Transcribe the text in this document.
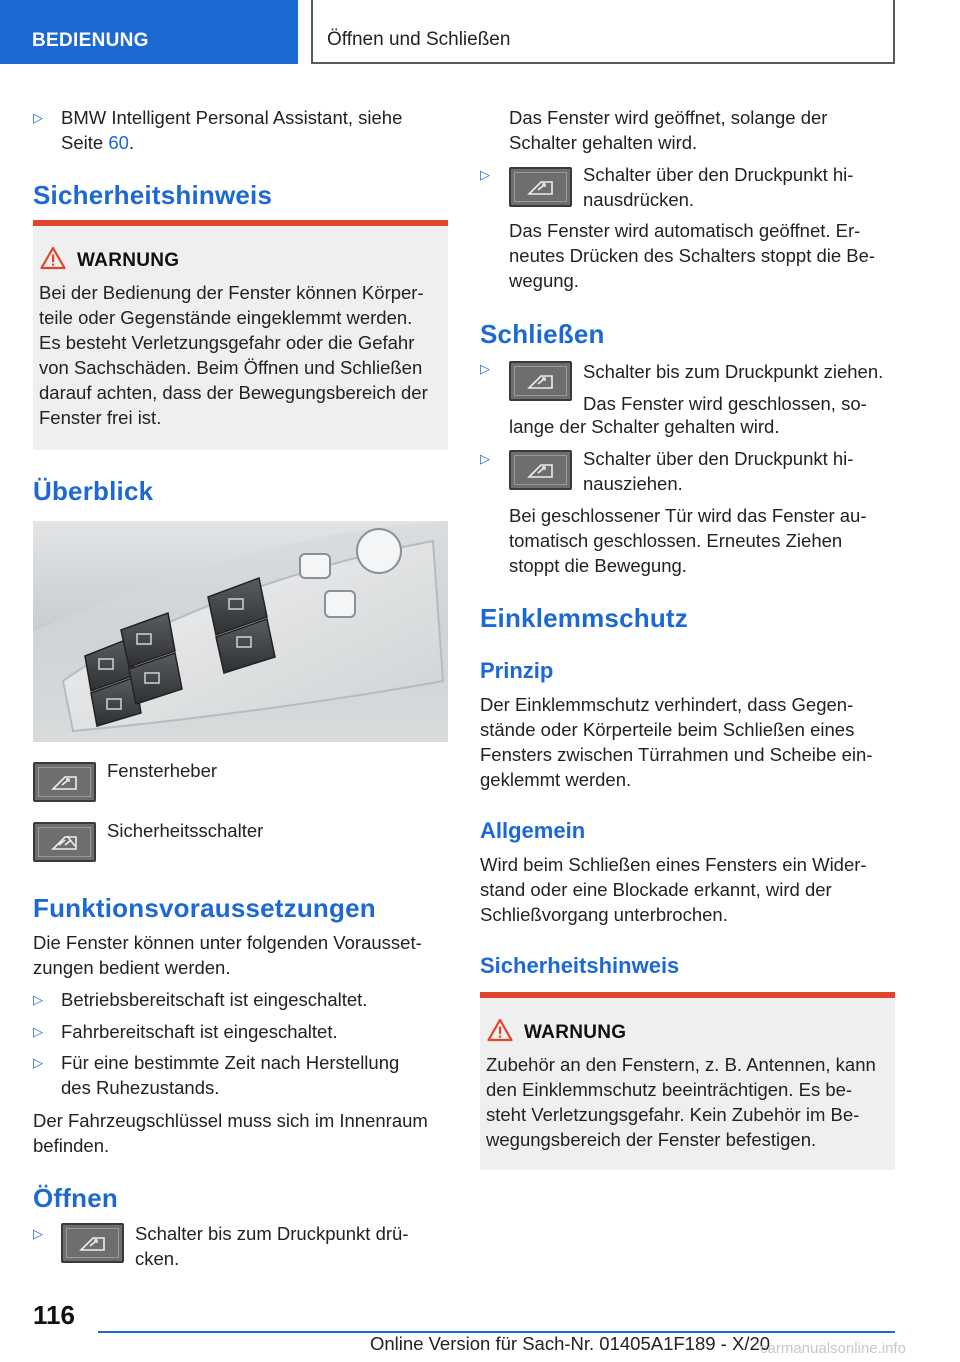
BEDIENUNG	Öffnen und Schließen
▷ BMW Intelligent Personal Assistant, siehe
Seite 60.
Sicherheitshinweis
WARNUNG
Bei der Bedienung der Fenster können Körper-
teile oder Gegenstände eingeklemmt werden.
Es besteht Verletzungsgefahr oder die Gefahr
von Sachschäden. Beim Öffnen und Schließen
darauf achten, dass der Bewegungsbereich der
Fenster frei ist.
Überblick
Fensterheber
Sicherheitsschalter
Funktionsvoraussetzungen
Die Fenster können unter folgenden Vorausset-
zungen bedient werden.
▷ Betriebsbereitschaft ist eingeschaltet.
▷ Fahrbereitschaft ist eingeschaltet.
▷ Für eine bestimmte Zeit nach Herstellung
des Ruhezustands.
Der Fahrzeugschlüssel muss sich im Innenraum
befinden.
Öffnen
▷	Schalter bis zum Druckpunkt drü-
cken.
Das Fenster wird geöffnet, solange der
Schalter gehalten wird.
▷	Schalter über den Druckpunkt hi-
nausdrücken.
Das Fenster wird automatisch geöffnet. Er-
neutes Drücken des Schalters stoppt die Be-
wegung.
Schließen
▷	Schalter bis zum Druckpunkt ziehen.
Das Fenster wird geschlossen, so-
lange der Schalter gehalten wird.
▷	Schalter über den Druckpunkt hi-
nausziehen.
Bei geschlossener Tür wird das Fenster au-
tomatisch geschlossen. Erneutes Ziehen
stoppt die Bewegung.
Einklemmschutz
Prinzip
Der Einklemmschutz verhindert, dass Gegen-
stände oder Körperteile beim Schließen eines
Fensters zwischen Türrahmen und Scheibe ein-
geklemmt werden.
Allgemein
Wird beim Schließen eines Fensters ein Wider-
stand oder eine Blockade erkannt, wird der
Schließvorgang unterbrochen.
Sicherheitshinweis
WARNUNG
Zubehör an den Fenstern, z. B. Antennen, kann
den Einklemmschutz beeinträchtigen. Es be-
steht Verletzungsgefahr. Kein Zubehör im Be-
wegungsbereich der Fenster befestigen.
116
Online Version für Sach-Nr. 01405A1F189 - X/20
carmanualsonline.info
